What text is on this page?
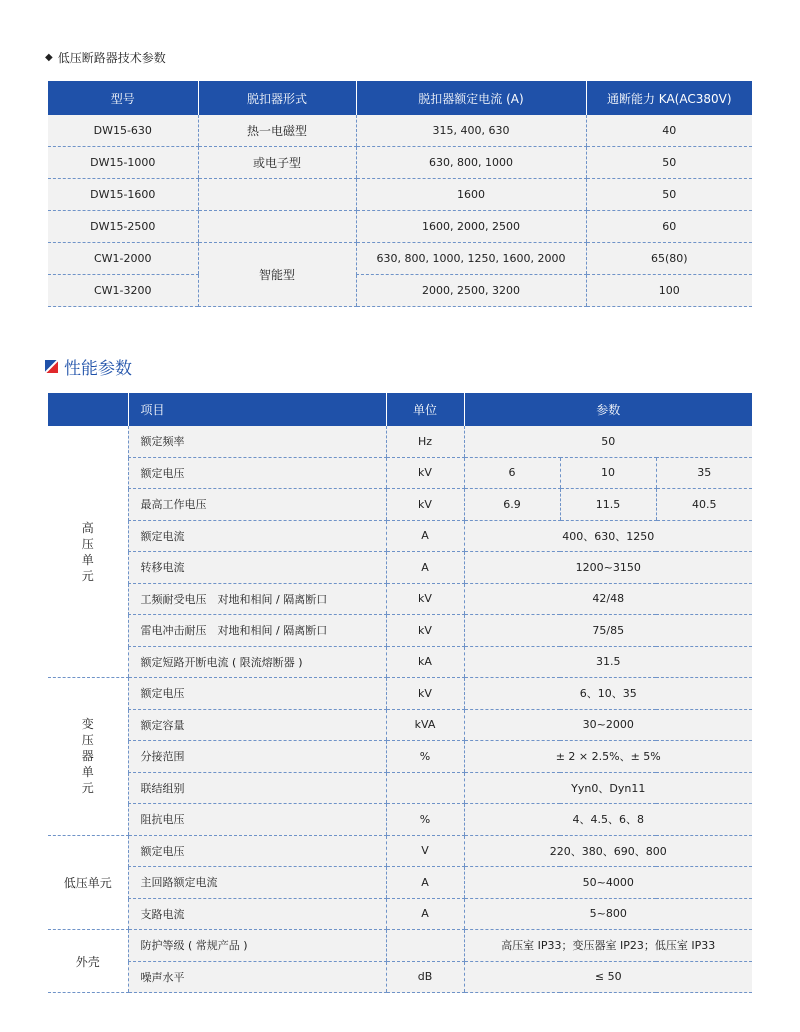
◆ 低压断路器技术参数
型号	脱扣器形式	脱扣器额定电流 (A)	通断能力 KA(AC380V)
DW15-630	热一电磁型	315, 400, 630	40
DW15-1000	或电子型	630, 800, 1000	50
DW15-1600		1600	50
DW15-2500		1600, 2000, 2500	60
CW1-2000	智能型	630, 800, 1000, 1250, 1600, 2000	65(80)
CW1-3200		2000, 2500, 3200	100
性能参数
	项目	单位	参数		
高压单元	额定频率	Hz	50		
	额定电压	kV	6	10	35
	最高工作电压	kV	6.9	11.5	40.5
	额定电流	A	400、630、1250		
	转移电流	A	1200~3150		
	工频耐受电压　对地和相间 / 隔离断口	kV	42/48		
	雷电冲击耐压　对地和相间 / 隔离断口	kV	75/85		
	额定短路开断电流 ( 限流熔断器 )	kA	31.5		
变压器单元	额定电压	kV	6、10、35		
	额定容量	kVA	30~2000		
	分接范围	%	± 2 × 2.5%、± 5%		
	联结组别		Yyn0、Dyn11		
	阻抗电压	%	4、4.5、6、8		
低压单元	额定电压	V	220、380、690、800		
	主回路额定电流	A	50~4000		
	支路电流	A	5~800		
外壳	防护等级 ( 常规产品 )		高压室 IP33；变压器室 IP23；低压室 IP33		
	噪声水平	dB	≤ 50		
